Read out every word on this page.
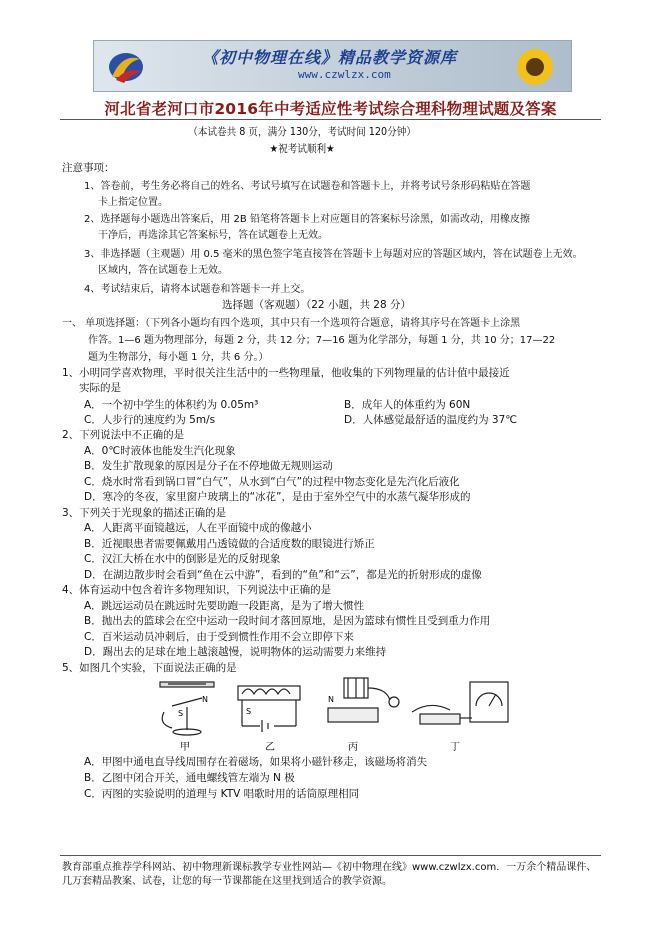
《初中物理在线》精品教学资源库
www.czwlzx.com
河北省老河口市2016年中考适应性考试综合理科物理试题及答案
（本试卷共 8 页，满分 130分，考试时间 120分钟）
★祝考试顺利★
注意事项：
1、答卷前，考生务必将自己的姓名、考试号填写在试题卷和答题卡上，并将考试号条形码粘贴在答题
卡上指定位置。
2、选择题每小题选出答案后，用 2B 铅笔将答题卡上对应题目的答案标号涂黑，如需改动，用橡皮擦
干净后，再选涂其它答案标号，答在试题卷上无效。
3、非选择题（主观题）用 0.5 毫米的黑色签字笔直接答在答题卡上每题对应的答题区域内，答在试题卷上无效。
区域内，答在试题卷上无效。
4、考试结束后，请将本试题卷和答题卡一并上交。
选择题（客观题）（22 小题，共 28 分）
一、 单项选择题：（下列各小题均有四个选项，其中只有一个选项符合题意，请将其序号在答题卡上涂黑
作答。1—6 题为物理部分，每题 2 分，共 12 分；7—16 题为化学部分，每题 1 分，共 10 分；17—22
题为生物部分，每小题 1 分，共 6 分。）
1、小明同学喜欢物理，平时很关注生活中的一些物理量，他收集的下列物理量的估计值中最接近
实际的是
A．一个初中学生的体积约为 0.05m³	B．成年人的体重约为 60N
C．人步行的速度约为 5m/s	D．人体感觉最舒适的温度约为 37℃
2、下列说法中不正确的是
A．0℃时液体也能发生汽化现象
B．发生扩散现象的原因是分子在不停地做无规则运动
C．烧水时常看到锅口冒“白气”，从水到“白气”的过程中物态变化是先汽化后液化
D．寒冷的冬夜，家里窗户玻璃上的“冰花”，是由于室外空气中的水蒸气凝华形成的
3、下列关于光现象的描述正确的是
A．人距离平面镜越远，人在平面镜中成的像越小
B．近视眼患者需要佩戴用凸透镜做的合适度数的眼镜进行矫正
C．汉江大桥在水中的倒影是光的反射现象
D．在湖边散步时会看到“鱼在云中游”，看到的“鱼”和“云”，都是光的折射形成的虚像
4、体育运动中包含着许多物理知识，下列说法中正确的是
A．跳远运动员在跳远时先要助跑一段距离，是为了增大惯性
B．抛出去的篮球会在空中运动一段时间才落回原地，是因为篮球有惯性且受到重力作用
C．百米运动员冲刺后，由于受到惯性作用不会立即停下来
D．踢出去的足球在地上越滚越慢，说明物体的运动需要力来维持
5、如图几个实验，下面说法正确的是
甲
S
N
乙
S
丙
N
丁
A．甲图中通电直导线周围存在着磁场，如果将小磁针移走，该磁场将消失
B．乙图中闭合开关，通电螺线管左端为 N 极
C．丙图的实验说明的道理与 KTV 唱歌时用的话筒原理相同
教育部重点推荐学科网站、初中物理新课标教学专业性网站—《初中物理在线》www.czwlzx.com．一万余个精品课件、
几万套精品教案、试卷，让您的每一节课都能在这里找到适合的教学资源。
